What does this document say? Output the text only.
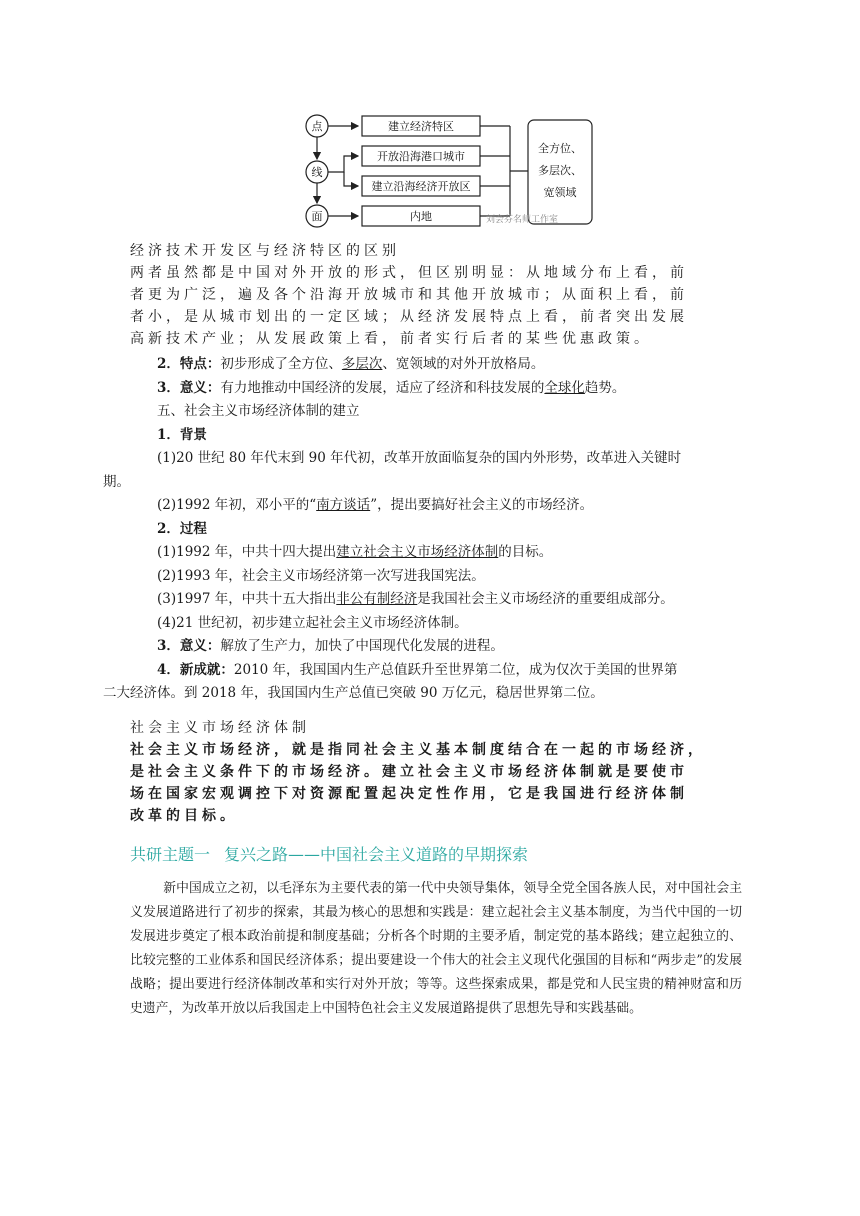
点
线
面
建立经济特区
开放沿海港口城市
建立沿海经济开放区
内地
全方位、
多层次、
宽领域
刘会芬名师工作室

经济技术开发区与经济特区的区别

两者虽然都是中国对外开放的形式，但区别明显：从地域分布上看，前

者更为广泛，遍及各个沿海开放城市和其他开放城市；从面积上看，前

者小，是从城市划出的一定区域；从经济发展特点上看，前者突出发展

高新技术产业；从发展政策上看，前者实行后者的某些优惠政策。

2．特点：初步形成了全方位、多层次、宽领域的对外开放格局。

3．意义：有力地推动中国经济的发展，适应了经济和科技发展的全球化趋势。

五、社会主义市场经济体制的建立

1．背景

(1)20 世纪 80 年代末到 90 年代初，改革开放面临复杂的国内外形势，改革进入关键时
期。

(2)1992 年初，邓小平的“南方谈话”，提出要搞好社会主义的市场经济。

2．过程

(1)1992 年，中共十四大提出建立社会主义市场经济体制的目标。

(2)1993 年，社会主义市场经济第一次写进我国宪法。

(3)1997 年，中共十五大指出非公有制经济是我国社会主义市场经济的重要组成部分。

(4)21 世纪初，初步建立起社会主义市场经济体制。

3．意义：解放了生产力，加快了中国现代化发展的进程。

4．新成就：2010 年，我国国内生产总值跃升至世界第二位，成为仅次于美国的世界第
二大经济体。到 2018 年，我国国内生产总值已突破 90 万亿元，稳居世界第二位。

社会主义市场经济体制

社会主义市场经济，就是指同社会主义基本制度结合在一起的市场经济，

是社会主义条件下的市场经济。建立社会主义市场经济体制就是要使市

场在国家宏观调控下对资源配置起决定性作用，它是我国进行经济体制

改革的目标。

共研主题一 复兴之路——中国社会主义道路的早期探索

新中国成立之初，以毛泽东为主要代表的第一代中央领导集体，领导全党全国各族人民，对中国社会主义发展道路进行了初步的探索，其最为核心的思想和实践是：建立起社会主义基本制度，为当代中国的一切发展进步奠定了根本政治前提和制度基础；分析各个时期的主要矛盾，制定党的基本路线；建立起独立的、比较完整的工业体系和国民经济体系；提出要建设一个伟大的社会主义现代化强国的目标和“两步走”的发展战略；提出要进行经济体制改革和实行对外开放；等等。这些探索成果，都是党和人民宝贵的精神财富和历史遗产，为改革开放以后我国走上中国特色社会主义发展道路提供了思想先导和实践基础。
